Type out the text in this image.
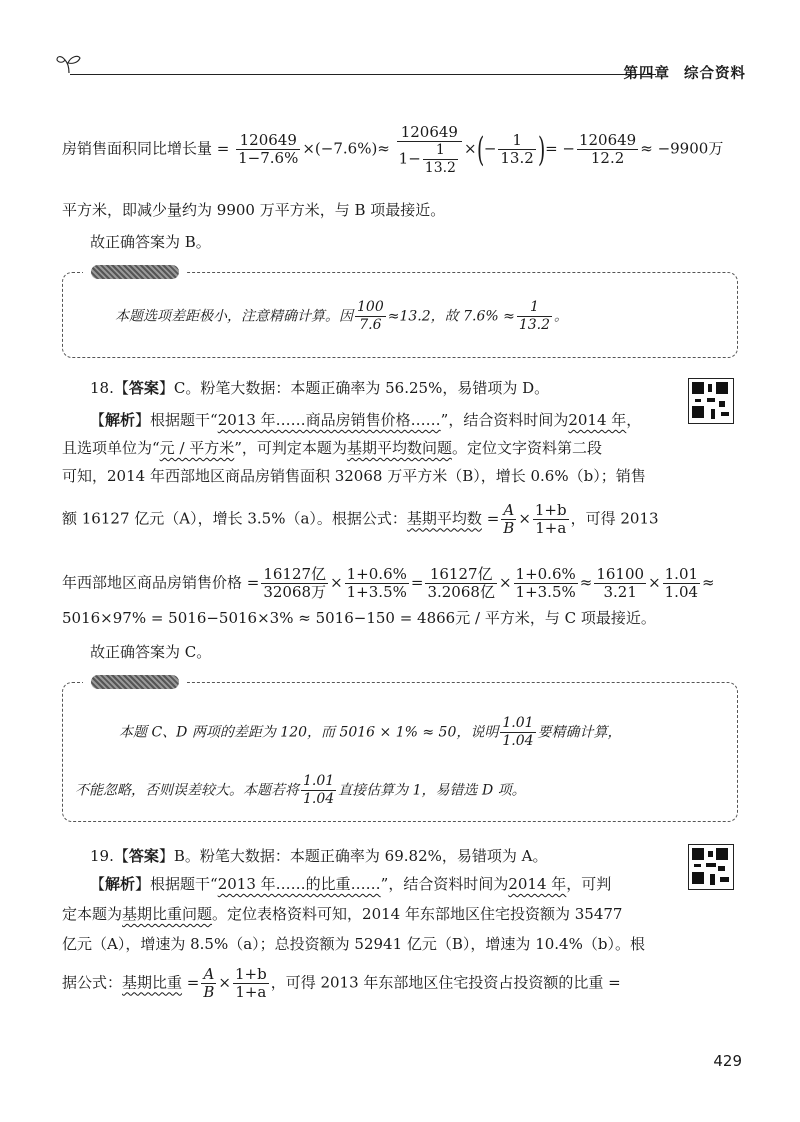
第四章 综合资料
房销售面积同比增长量 = $\frac{120649}{1-7.6\%} \times(-7.6\%)\approx \frac{120649}{1- \frac{1}{13.2}}$ ×(− $\frac{1}{13.2}$ )= − $\frac{120649}{12.2} \approx -9900$万
平方米，即减少量约为 9900 万平方米，与 B 项最接近。
故正确答案为 B。
本题选项差距极小，注意精确计算。因 $\frac{100}{7.6} \approx 13.2$，故 $7.6\% \approx \frac{1}{13.2}$ 。
18.【答案】C。粉笔大数据：本题正确率为 56.25%，易错项为 D。
【解析】根据题干“2013 年……商品房销售价格……”，结合资料时间为2014 年，
且选项单位为“元 / 平方米”，可判定本题为基期平均数问题。定位文字资料第二段
可知，2014 年西部地区商品房销售面积 32068 万平方米（B），增长 0.6%（b）；销售
额 16127 亿元（A），增长 3.5%（a）。根据公式：基期平均数 = $\frac{A}{B} \times \frac{1+b}{1+a}$ ，可得 2013
年西部地区商品房销售价格 = $\frac{\text{16127亿}}{\text{32068万}} \times \frac{1+0.6\%}{1+3.5\%} = \frac{\text{16127亿}}{\text{3.2068亿}} \times \frac{1+0.6\%}{1+3.5\%} \approx \frac{16100}{3.21} \times \frac{1.01}{1.04}$ ≈
5016×97% = 5016−5016×3% ≈ 5016−150 = 4866元 / 平方米，与 C 项最接近。
故正确答案为 C。
本题 C、D 两项的差距为 120，而 5016 × 1% ≈ 50，说明 $\frac{1.01}{1.04}$ 要精确计算，
不能忽略，否则误差较大。本题若将 $\frac{1.01}{1.04}$ 直接估算为 1，易错选 D 项。
19.【答案】B。粉笔大数据：本题正确率为 69.82%，易错项为 A。
【解析】根据题干“2013 年……的比重……”，结合资料时间为2014 年，可判
定本题为基期比重问题。定位表格资料可知，2014 年东部地区住宅投资额为 35477
亿元（A），增速为 8.5%（a）；总投资额为 52941 亿元（B），增速为 10.4%（b）。根
据公式：基期比重 = $\frac{A}{B} \times \frac{1+b}{1+a}$ ，可得 2013 年东部地区住宅投资占投资额的比重 =
429
